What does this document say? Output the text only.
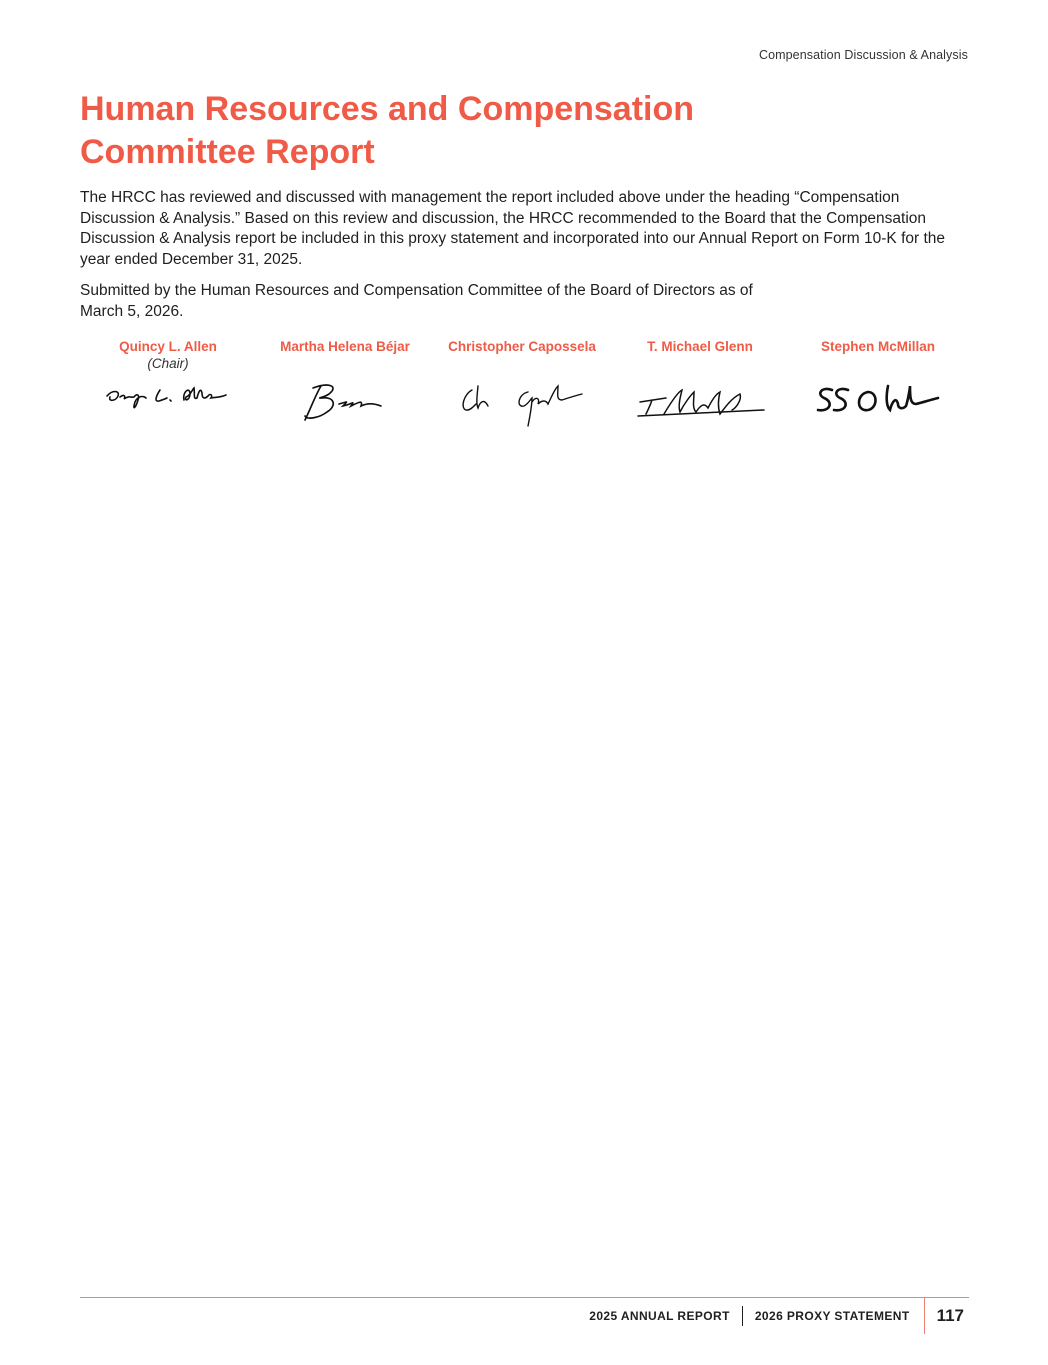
Compensation Discussion & Analysis
Human Resources and Compensation
Committee Report

The HRCC has reviewed and discussed with management the report included above under the heading “Compensation Discussion & Analysis.” Based on this review and discussion, the HRCC recommended to the Board that the Compensation Discussion & Analysis report be included in this proxy statement and incorporated into our Annual Report on Form 10-K for the year ended December 31, 2025.

Submitted by the Human Resources and Compensation Committee of the Board of Directors as of
March 5, 2026.

Quincy L. Allen
(Chair)
Martha Helena Béjar	Christopher Capossela	T. Michael Glenn	Stephen McMillan
2025 ANNUAL REPORT 2026 PROXY STATEMENT 117
